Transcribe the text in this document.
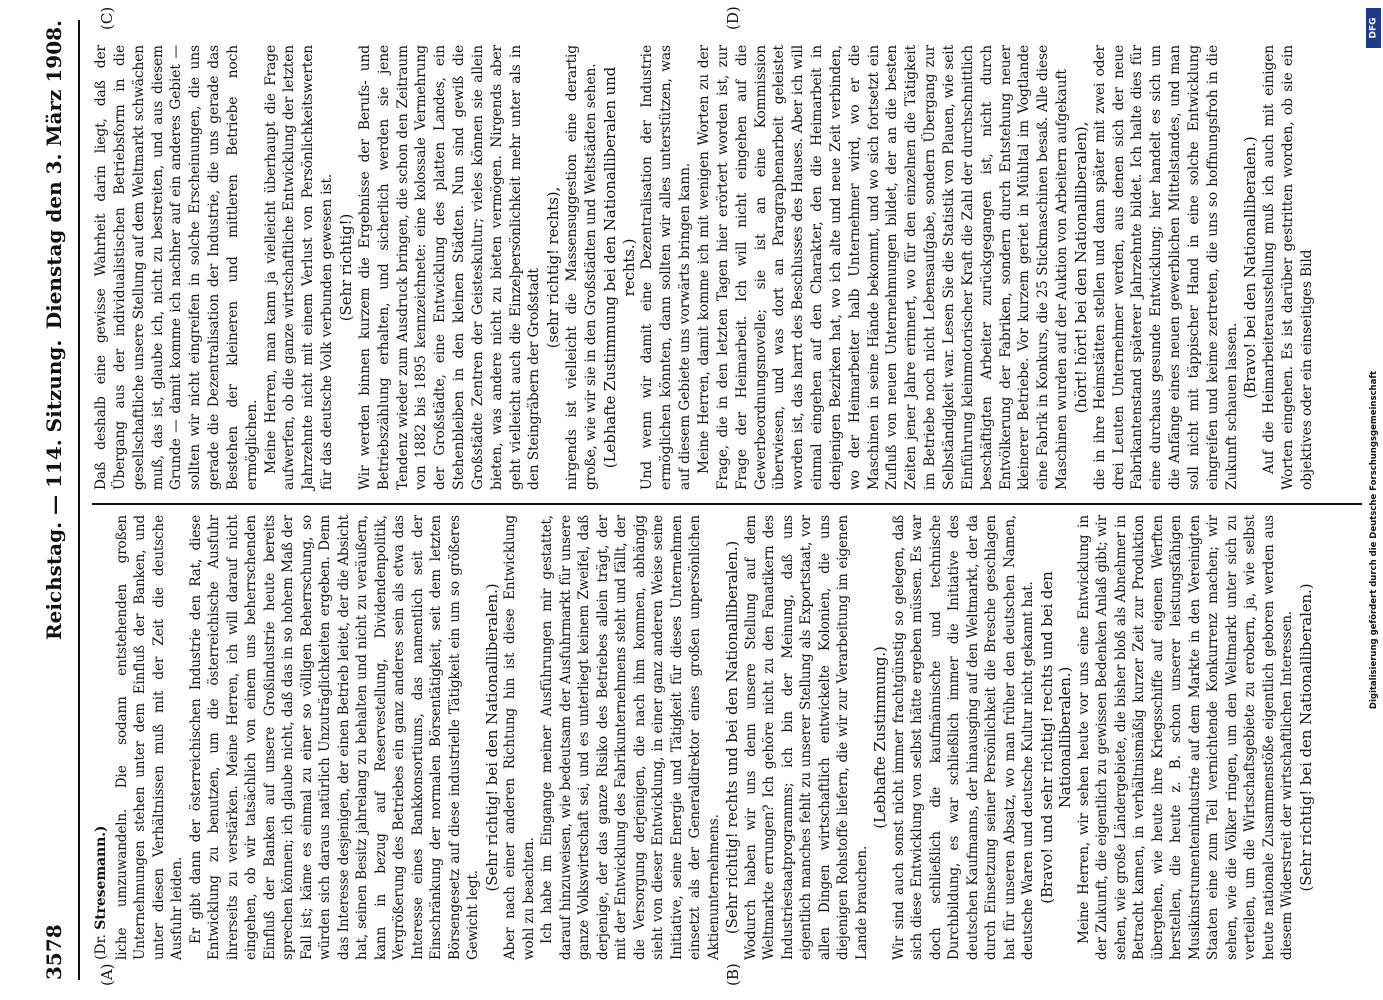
3578
Reichstag. — 114. Sitzung.
Dienstag den 3. März 1908.
(A)	(B)
(C)	(D)
(Dr. Stresemann.) liche umzuwandeln. Die sodann entstehenden großen Unternehmungen stehen unter dem Einfluß der Banken, und unter diesen Verhältnissen muß mit der Zeit die deutsche Ausfuhr leiden. Er gibt dann der österreichischen Industrie den Rat, diese Entwicklung zu benutzen, um die österreichische Ausfuhr ihrerseits zu verstärken. Meine Herren, ich will darauf nicht eingehen, ob wir tatsächlich von einem uns beherrschenden Einfluß der Banken auf unsere Großindustrie heute bereits sprechen können; ich glaube nicht, daß das in so hohem Maß der Fall ist; käme es einmal zu einer so völligen Beherrschung, so würden sich daraus natürlich Unzuträglichkeiten ergeben. Denn das Interesse desjenigen, der einen Betrieb leitet, der die Absicht hat, seinen Besitz jahrelang zu behalten und nicht zu veräußern, kann in bezug auf Reservestellung, Dividendenpolitik, Vergrößerung des Betriebes ein ganz anderes sein als etwa das Interesse eines Bankkonsortiums, das namentlich seit der Einschränkung der normalen Börsentätigkeit, seit dem letzten Börsengesetz auf diese industrielle Tätigkeit ein um so größeres Gewicht legt.

(Sehr richtig! bei den Nationalliberalen.) Aber nach einer anderen Richtung hin ist diese Entwicklung wohl zu beachten. Ich habe im Eingange meiner Ausführungen mir gestattet, darauf hinzuweisen, wie bedeutsam der Ausfuhrmarkt für unsere ganze Volkswirtschaft sei, und es unterliegt keinem Zweifel, daß derjenige, der das ganze Risiko des Betriebes allein trägt, der mit der Entwicklung des Fabrikunternehmens steht und fällt, der die Versorgung derjenigen, die nach ihm kommen, abhängig sieht von dieser Entwicklung, in einer ganz anderen Weise seine Initiative, seine Energie und Tätigkeit für dieses Unternehmen einsetzt als der Generaldirektor eines großen unpersönlichen Aktienunternehmens. (Sehr richtig! rechts und bei den Nationalliberalen.) Wodurch haben wir uns denn unsere Stellung auf dem Weltmarkte errungen? Ich gehöre nicht zu den Fanatikern des Industriestaatprogramms; ich bin der Meinung, daß uns eigentlich manches fehlt zu unserer Stellung als Exportstaat, vor allen Dingen wirtschaftlich entwickelte Kolonien, die uns diejenigen Rohstoffe liefern, die wir zur Verarbeitung im eigenen Lande brauchen.

(Lebhafte Zustimmung.) Wir sind auch sonst nicht immer frachtgünstig so gelegen, daß sich diese Entwicklung von selbst hätte ergeben müssen. Es war doch schließlich die kaufmännische und technische Durchbildung, es war schließlich immer die Initiative des deutschen Kaufmanns, der hinausging auf den Weltmarkt, der da durch Einsetzung seiner Persönlichkeit die Bresche geschlagen hat für unseren Absatz, wo man früher den deutschen Namen, deutsche Waren und deutsche Kultur nicht gekannt hat. (Bravo! und sehr richtig! rechts und bei den Nationalliberalen.) Meine Herren, wir sehen heute vor uns eine Entwicklung in der Zukunft, die eigentlich zu gewissen Bedenken Anlaß gibt; wir sehen, wie große Ländergebiete, die bisher bloß als Abnehmer in Betracht kamen, in verhältnismäßig kurzer Zeit zur Produktion übergehen, wie heute ihre Kriegsschiffe auf eigenen Werften herstellen, die heute z. B. schon unserer leistungsfähigen Musikinstrumentenindustrie auf dem Markte in den Vereinigten Staaten eine zum Teil vernichtende Konkurrenz machen; wir sehen, wie die Völker ringen, um den Weltmarkt unter sich zu verteilen, um die Wirtschaftsgebiete zu erobern, ja, wie selbst heute nationale Zusammenstöße eigentlich geboren werden aus diesem Widerstreit der wirtschaftlichen Interessen. (Sehr richtig! bei den Nationalliberalen.)

Daß deshalb eine gewisse Wahrheit darin liegt, daß der Übergang aus der individualistischen Betriebsform in die gesellschaftliche unsere Stellung auf dem Weltmarkt schwächen muß, das ist, glaube ich, nicht zu bestreiten, und aus diesem Grunde — damit komme ich nachher auf ein anderes Gebiet — sollten wir nicht eingreifen in solche Erscheinungen, die uns gerade die Dezentralisation der Industrie, die uns gerade das Bestehen der kleineren und mittleren Betriebe noch ermöglichen. Meine Herren, man kann ja vielleicht überhaupt die Frage aufwerfen, ob die ganze wirtschaftliche Entwicklung der letzten Jahrzehnte nicht mit einem Verlust von Persönlichkeitswerten für das deutsche Volk verbunden gewesen ist. (Sehr richtig!) Wir werden binnen kurzem die Ergebnisse der Berufs- und Betriebszählung erhalten, und sicherlich werden sie jene Tendenz wieder zum Ausdruck bringen, die schon den Zeitraum von 1882 bis 1895 kennzeichnete: eine kolossale Vermehrung der Großstädte, eine Entwicklung des platten Landes, ein Stehenbleiben in den kleinen Städten. Nun sind gewiß die Großstädte Zentren der Geisteskultur; vieles können sie allein bieten, was andere nicht zu bieten vermögen. Nirgends aber geht vielleicht auch die Einzelpersönlichkeit mehr unter als in den Steingräbern der Großstadt

(sehr richtig! rechts), nirgends ist vielleicht die Massensuggestion eine derartig große, wie wir sie in den Großstädten und Weltstädten sehen. (Lebhafte Zustimmung bei den Nationalliberalen und rechts.) Und wenn wir damit eine Dezentralisation der Industrie ermöglichen könnten, dann sollten wir alles unterstützen, was auf diesem Gebiete uns vorwärts bringen kann. Meine Herren, damit komme ich mit wenigen Worten zu der Frage, die in den letzten Tagen hier erörtert worden ist, zur Frage der Heimarbeit. Ich will nicht eingehen auf die Gewerbeordnungsnovelle; sie ist an eine Kommission überwiesen, und was dort an Paragraphenarbeit geleistet worden ist, das harrt des Beschlusses des Hauses. Aber ich will einmal eingehen auf den Charakter, den die Heimarbeit in denjenigen Bezirken hat, wo ich alte und neue Zeit verbinden, wo der Heimarbeiter halb Unternehmer wird, wo er die Maschinen in seine Hände bekommt, und wo sich fortsetzt ein Zufluß von neuen Unternehmungen bildet, der an die besten Zeiten jener Jahre erinnert, wo für den einzelnen die Tätigkeit im Betriebe noch nicht Lebensaufgabe, sondern Übergang zur Selbständigkeit war. Lesen Sie die Statistik von Plauen, wie seit Einführung kleinmotorischer Kraft die Zahl der durchschnittlich beschäftigten Arbeiter zurückgegangen ist, nicht durch Entvölkerung der Fabriken, sondern durch Entstehung neuer kleinerer Betriebe. Vor kurzem geriet in Mühltal im Vogtlande eine Fabrik in Konkurs, die 25 Stickmaschinen besaß. Alle diese Maschinen wurden auf der Auktion von Arbeitern aufgekauft (hört! hört! bei den Nationalliberalen), die in ihre Heimstätten stellen und dann später mit zwei oder drei Leuten Unternehmer werden, aus denen sich der neue Fabrikantenstand späterer Jahrzehnte bildet. Ich halte dies für eine durchaus gesunde Entwicklung; hier handelt es sich um die Anfänge eines neuen gewerblichen Mittelstandes, und man soll nicht mit täppischer Hand in eine solche Entwicklung eingreifen und keime zertreten, die uns so hoffnungsfroh in die Zukunft schauen lassen.

(Bravo! bei den Nationalliberalen.) Auf die Heimarbeiterausstellung muß ich auch mit einigen Worten eingehen. Es ist darüber gestritten worden, ob sie ein objektives oder ein einseitiges Bild

Digitalisierung gefördert durch die Deutsche Forschungsgemeinschaft
DFG
